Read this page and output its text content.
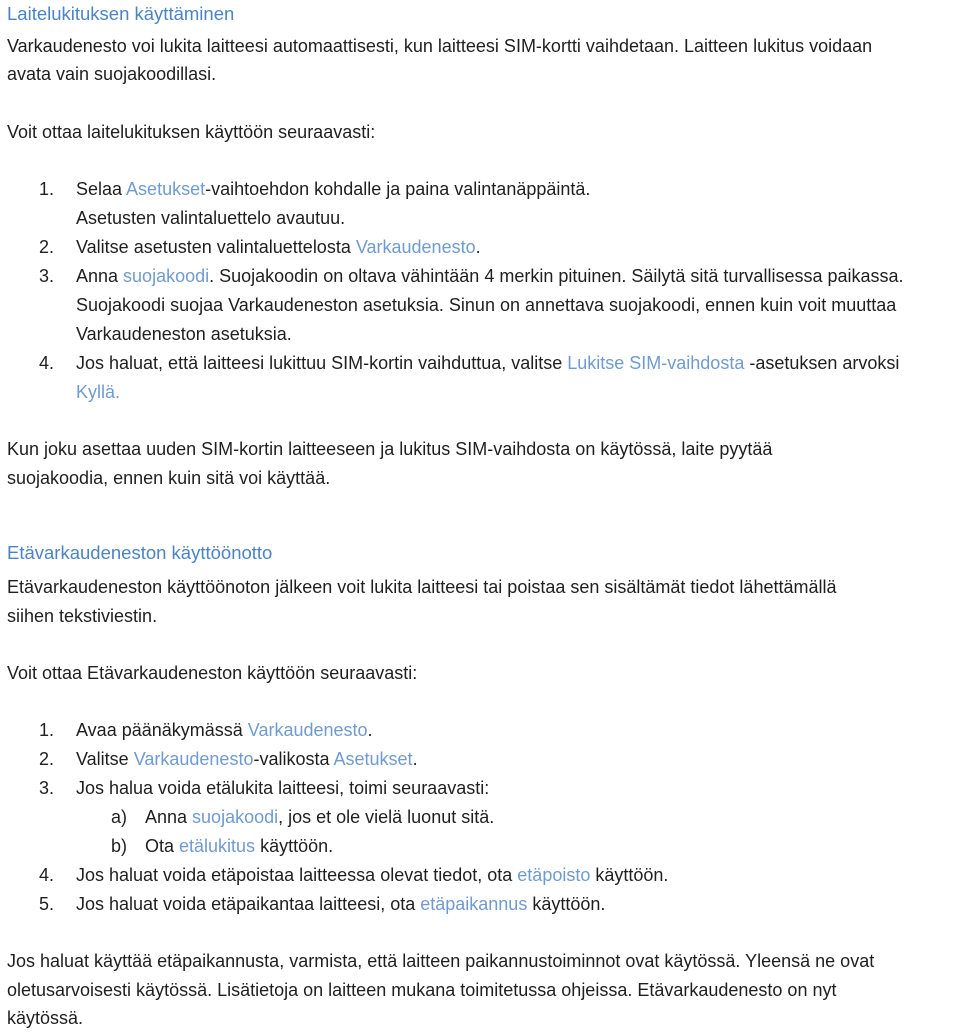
Laitelukituksen käyttäminen
Varkaudenesto voi lukita laitteesi automaattisesti, kun laitteesi SIM-kortti vaihdetaan. Laitteen lukitus voidaan
avata vain suojakoodillasi.
Voit ottaa laitelukituksen käyttöön seuraavasti:
1. Selaa Asetukset-vaihtoehdon kohdalle ja paina valintanäppäintä.
Asetusten valintaluettelo avautuu.
2. Valitse asetusten valintaluettelosta Varkaudenesto.
3. Anna suojakoodi. Suojakoodin on oltava vähintään 4 merkin pituinen. Säilytä sitä turvallisessa paikassa.
Suojakoodi suojaa Varkaudeneston asetuksia. Sinun on annettava suojakoodi, ennen kuin voit muuttaa
Varkaudeneston asetuksia.
4. Jos haluat, että laitteesi lukittuu SIM-kortin vaihduttua, valitse Lukitse SIM-vaihdosta -asetuksen arvoksi
Kyllä.
Kun joku asettaa uuden SIM-kortin laitteeseen ja lukitus SIM-vaihdosta on käytössä, laite pyytää
suojakoodia, ennen kuin sitä voi käyttää.
Etävarkaudeneston käyttöönotto
Etävarkaudeneston käyttöönoton jälkeen voit lukita laitteesi tai poistaa sen sisältämät tiedot lähettämällä
siihen tekstiviestin.
Voit ottaa Etävarkaudeneston käyttöön seuraavasti:
1. Avaa päänäkymässä Varkaudenesto.
2. Valitse Varkaudenesto-valikosta Asetukset.
3. Jos halua voida etälukita laitteesi, toimi seuraavasti:
a) Anna suojakoodi, jos et ole vielä luonut sitä.
b) Ota etälukitus käyttöön.
4. Jos haluat voida etäpoistaa laitteessa olevat tiedot, ota etäpoisto käyttöön.
5. Jos haluat voida etäpaikantaa laitteesi, ota etäpaikannus käyttöön.
Jos haluat käyttää etäpaikannusta, varmista, että laitteen paikannustoiminnot ovat käytössä. Yleensä ne ovat
oletusarvoisesti käytössä. Lisätietoja on laitteen mukana toimitetussa ohjeissa. Etävarkaudenesto on nyt
käytössä.
